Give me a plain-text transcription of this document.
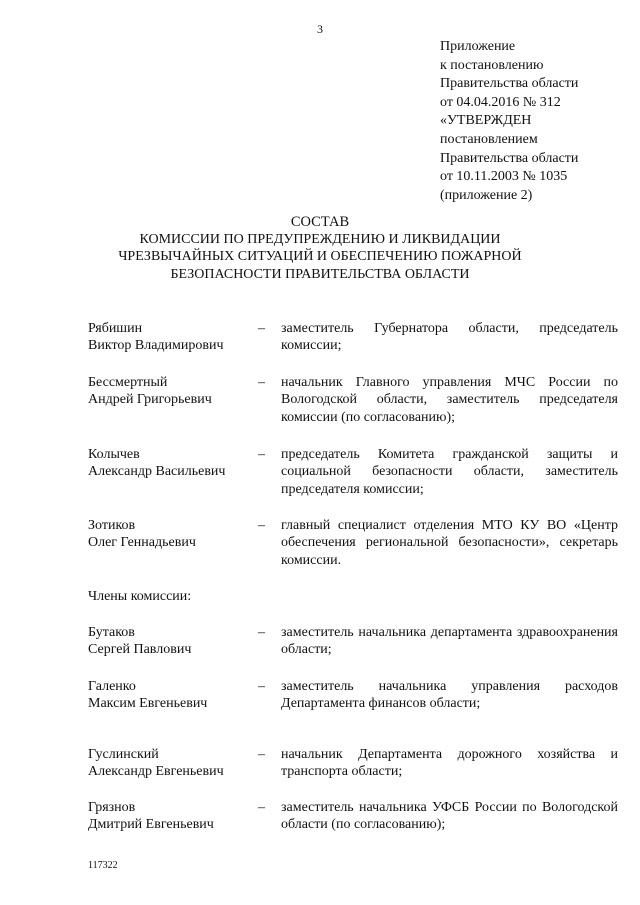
3
Приложение
к постановлению
Правительства области
от 04.04.2016 № 312
«УТВЕРЖДЕН
постановлением
Правительства области
от 10.11.2003 № 1035
(приложение 2)
СОСТАВ
КОМИССИИ ПО ПРЕДУПРЕЖДЕНИЮ И ЛИКВИДАЦИИ
ЧРЕЗВЫЧАЙНЫХ СИТУАЦИЙ И ОБЕСПЕЧЕНИЮ ПОЖАРНОЙ
БЕЗОПАСНОСТИ ПРАВИТЕЛЬСТВА ОБЛАСТИ
Рябишин
Виктор Владимирович
– заместитель Губернатора области, председатель комиссии;
Бессмертный
Андрей Григорьевич
– начальник Главного управления МЧС России по Вологодской области, заместитель председателя комиссии (по согласованию);
Колычев
Александр Васильевич
– председатель Комитета гражданской защиты и социальной безопасности области, заместитель председателя комиссии;
Зотиков
Олег Геннадьевич
– главный специалист отделения МТО КУ ВО «Центр обеспечения региональной безопасности», секретарь комиссии.
Члены комиссии:
Бутаков
Сергей Павлович
– заместитель начальника департамента здравоохранения области;
Галенко
Максим Евгеньевич
– заместитель начальника управления расходов Департамента финансов области;
Гуслинский
Александр Евгеньевич
– начальник Департамента дорожного хозяйства и транспорта области;
Грязнов
Дмитрий Евгеньевич
– заместитель начальника УФСБ России по Вологодской области (по согласованию);
117322
